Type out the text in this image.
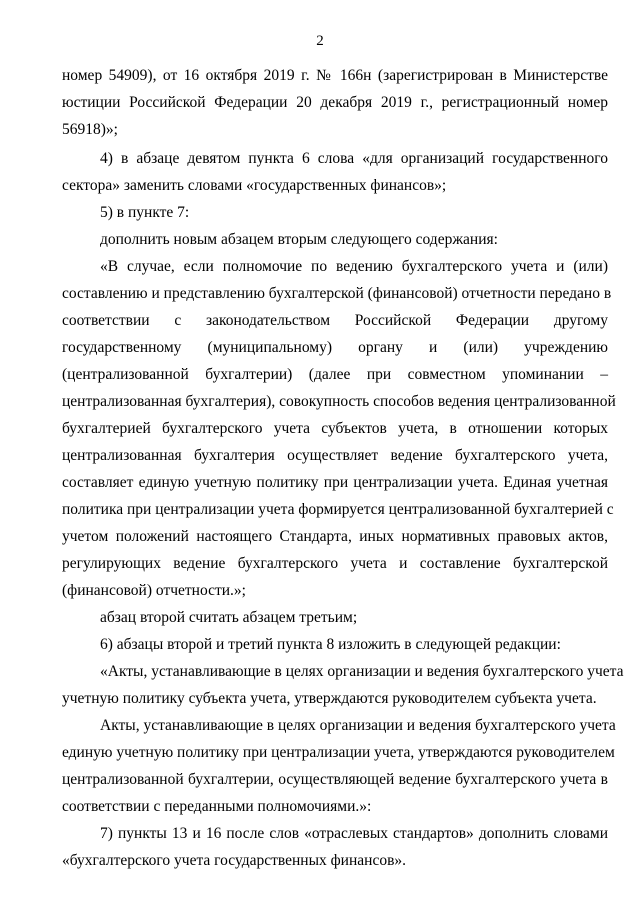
2
номер 54909), от 16 октября 2019 г. № 166н (зарегистрирован в Министерстве
юстиции Российской Федерации 20 декабря 2019 г., регистрационный номер
56918)»;
4) в абзаце девятом пункта 6 слова «для организаций государственного
сектора» заменить словами «государственных финансов»;
5) в пункте 7:
дополнить новым абзацем вторым следующего содержания:
«В случае, если полномочие по ведению бухгалтерского учета и (или)
составлению и представлению бухгалтерской (финансовой) отчетности передано в
соответствии с законодательством Российской Федерации другому
государственному (муниципальному) органу и (или) учреждению
(централизованной бухгалтерии) (далее при совместном упоминании –
централизованная бухгалтерия), совокупность способов ведения централизованной
бухгалтерией бухгалтерского учета субъектов учета, в отношении которых
централизованная бухгалтерия осуществляет ведение бухгалтерского учета,
составляет единую учетную политику при централизации учета. Единая учетная
политика при централизации учета формируется централизованной бухгалтерией с
учетом положений настоящего Стандарта, иных нормативных правовых актов,
регулирующих ведение бухгалтерского учета и составление бухгалтерской
(финансовой) отчетности.»;
абзац второй считать абзацем третьим;
6) абзацы второй и третий пункта 8 изложить в следующей редакции:
«Акты, устанавливающие в целях организации и ведения бухгалтерского учета
учетную политику субъекта учета, утверждаются руководителем субъекта учета.
Акты, устанавливающие в целях организации и ведения бухгалтерского учета
единую учетную политику при централизации учета, утверждаются руководителем
централизованной бухгалтерии, осуществляющей ведение бухгалтерского учета в
соответствии с переданными полномочиями.»:
7) пункты 13 и 16 после слов «отраслевых стандартов» дополнить словами
«бухгалтерского учета государственных финансов».
